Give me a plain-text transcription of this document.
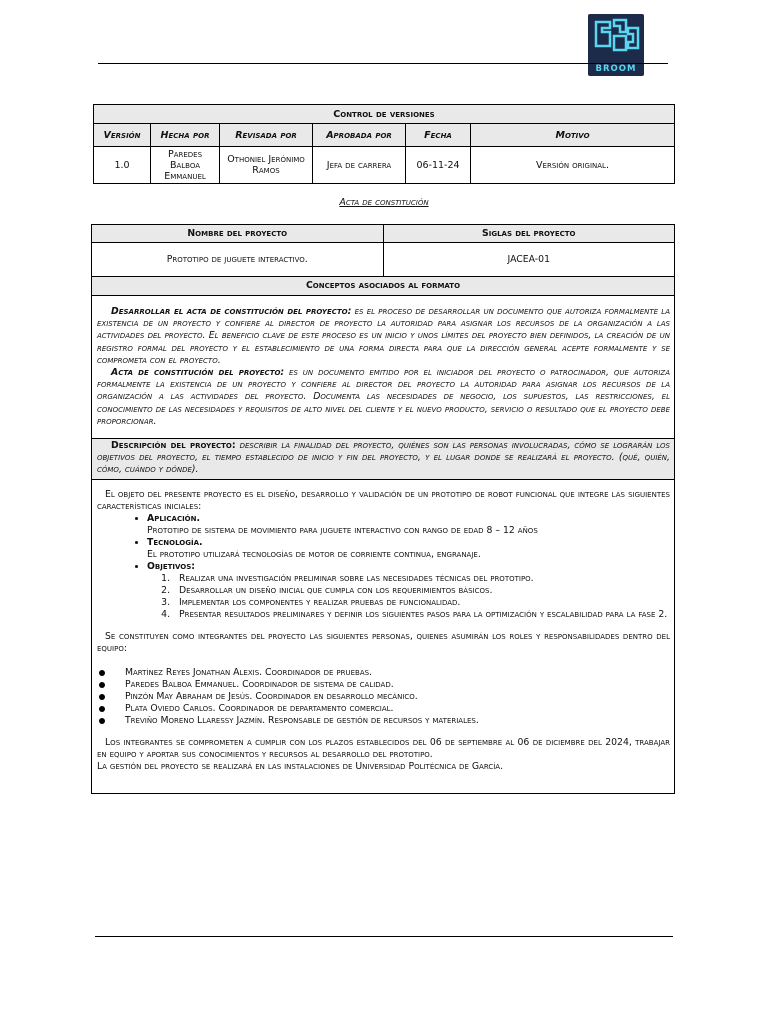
BROOM
Control de versiones					
Versión	Hecha por	Revisada por	Aprobada por	Fecha	Motivo
1.0	Paredes Balboa Emmanuel	Othoniel Jerónimo Ramos	Jefa de carrera	06-11-24	Versión original.
Acta de constitución
Nombre del proyecto	Siglas del proyecto
Prototipo de juguete interactivo.	JACEA-01
Conceptos asociados al formato

Desarrollar el acta de constitución del proyecto: es el proceso de desarrollar un documento que autoriza formalmente la existencia de un proyecto y confiere al director de proyecto la autoridad para asignar los recursos de la organización a las actividades del proyecto. El beneficio clave de este proceso es un inicio y unos límites del proyecto bien definidos, la creación de un registro formal del proyecto y el establecimiento de una forma directa para que la dirección general acepte formalmente y se comprometa con el proyecto.

Acta de constitución del proyecto: es un documento emitido por el iniciador del proyecto o patrocinador, que autoriza formalmente la existencia de un proyecto y confiere al director del proyecto la autoridad para asignar los recursos de la organización a las actividades del proyecto. Documenta las necesidades de negocio, los supuestos, las restricciones, el conocimiento de las necesidades y requisitos de alto nivel del cliente y el nuevo producto, servicio o resultado que el proyecto debe proporcionar.

Descripción del proyecto: describir la finalidad del proyecto, quiénes son las personas involucradas, cómo se lograrán los objetivos del proyecto, el tiempo establecido de inicio y fin del proyecto, y el lugar donde se realizará el proyecto. (qué, quién, cómo, cuándo y dónde).

El objeto del presente proyecto es el diseño, desarrollo y validación de un prototipo de robot funcional que integre las siguientes características iniciales:

• Aplicación.
Prototipo de sistema de movimiento para juguete interactivo con rango de edad 8 – 12 años
• Tecnología.
El prototipo utilizará tecnologías de motor de corriente continua, engranaje.
• Objetivos:
1. Realizar una investigación preliminar sobre las necesidades técnicas del prototipo.
2. Desarrollar un diseño inicial que cumpla con los requerimientos básicos.
3. Implementar los componentes y realizar pruebas de funcionalidad.
4. Presentar resultados preliminares y definir los siguientes pasos para la optimización y escalabilidad para la fase 2.

Se constituyen como integrantes del proyecto las siguientes personas, quienes asumirán los roles y responsabilidades dentro del equipo:

Martínez Reyes Jonathan Alexis. Coordinador de pruebas.
Paredes Balboa Emmanuel. Coordinador de sistema de calidad.
Pinzón May Abraham de Jesús. Coordinador en desarrollo mecánico.
Plata Oviedo Carlos. Coordinador de departamento comercial.
Treviño Moreno Llaressy Jazmín. Responsable de gestión de recursos y materiales.

Los integrantes se comprometen a cumplir con los plazos establecidos del 06 de septiembre al 06 de diciembre del 2024, trabajar en equipo y aportar sus conocimientos y recursos al desarrollo del prototipo.

La gestión del proyecto se realizará en las instalaciones de Universidad Politécnica de García.
